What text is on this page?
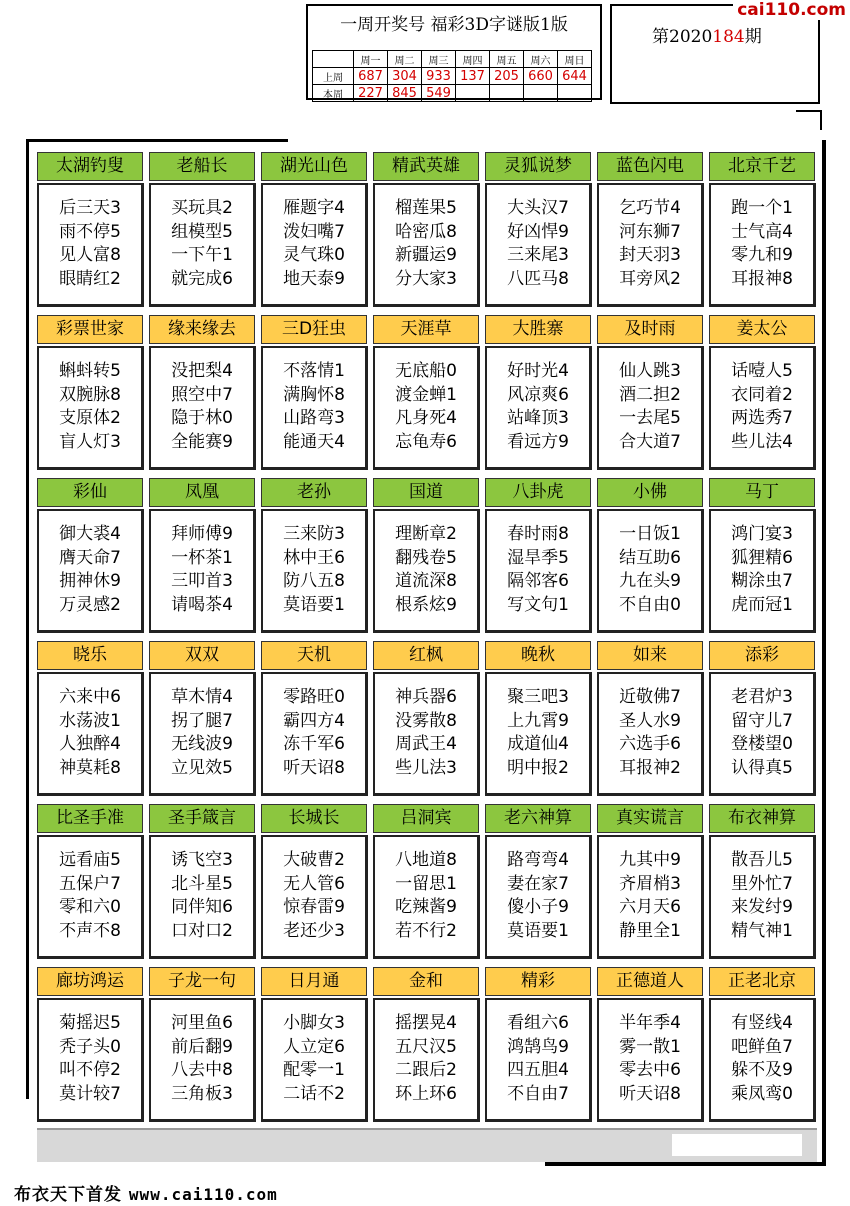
一周开奖号 福彩3D字谜版1版
	周一	周二	周三	周四	周五	周六	周日
上周	687	304	933	137	205	660	644
本周	227	845	549				
第2020184期
cai110.com
太湖钓叟
后三天3
雨不停5
见人富8
眼睛红2
老船长
买玩具2
组模型5
一下午1
就完成6
湖光山色
雁题字4
泼妇嘴7
灵气珠0
地天泰9
精武英雄
榴莲果5
哈密瓜8
新疆运9
分大家3
灵狐说梦
大头汉7
好凶悍9
三来尾3
八匹马8
蓝色闪电
乞巧节4
河东狮7
封天羽3
耳旁风2
北京千艺
跑一个1
士气高4
零九和9
耳报神8
彩票世家
蝌蚪转5
双腕脉8
支原体2
盲人灯3
缘来缘去
没把梨4
照空中7
隐于林0
全能赛9
三D狂虫
不落情1
满胸怀8
山路弯3
能通天4
天涯草
无底船0
渡金蝉1
凡身死4
忘龟寿6
大胜寨
好时光4
风凉爽6
站峰顶3
看远方9
及时雨
仙人跳3
酒二担2
一去尾5
合大道7
姜太公
话噎人5
衣同着2
两选秀7
些儿法4
彩仙
御大裘4
膺天命7
拥神休9
万灵感2
凤凰
拜师傅9
一杯茶1
三叩首3
请喝茶4
老孙
三来防3
林中王6
防八五8
莫语要1
国道
理断章2
翻残卷5
道流深8
根系炫9
八卦虎
春时雨8
湿旱季5
隔邻客6
写文句1
小佛
一日饭1
结互助6
九在头9
不自由0
马丁
鸿门宴3
狐狸精6
糊涂虫7
虎而冠1
晓乐
六来中6
水荡波1
人独醉4
神莫耗8
双双
草木情4
拐了腿7
无线波9
立见效5
天机
零路旺0
霸四方4
冻千军6
听天诏8
红枫
神兵器6
没雾散8
周武王4
些儿法3
晚秋
聚三吧3
上九霄9
成道仙4
明中报2
如来
近敬佛7
圣人水9
六选手6
耳报神2
添彩
老君炉3
留守儿7
登楼望0
认得真5
比圣手准
远看庙5
五保户7
零和六0
不声不8
圣手箴言
诱飞空3
北斗星5
同伴知6
口对口2
长城长
大破曹2
无人管6
惊春雷9
老还少3
吕洞宾
八地道8
一留思1
吃辣酱9
若不行2
老六神算
路弯弯4
妻在家7
傻小子9
莫语要1
真实谎言
九其中9
齐眉梢3
六月天6
静里全1
布衣神算
散吾儿5
里外忙7
来发纣9
精气神1
廊坊鸿运
菊摇迟5
秃子头0
叫不停2
莫计较7
子龙一句
河里鱼6
前后翻9
八去中8
三角板3
日月通
小脚女3
人立定6
配零一1
二话不2
金和
摇摆晃4
五尺汉5
二跟后2
环上环6
精彩
看组六6
鸿鹄鸟9
四五胆4
不自由7
正德道人
半年季4
雾一散1
零去中6
听天诏8
正老北京
有竖线4
吧鲜鱼7
躲不及9
乘凤鸾0
布衣天下首发 www.cai110.com
